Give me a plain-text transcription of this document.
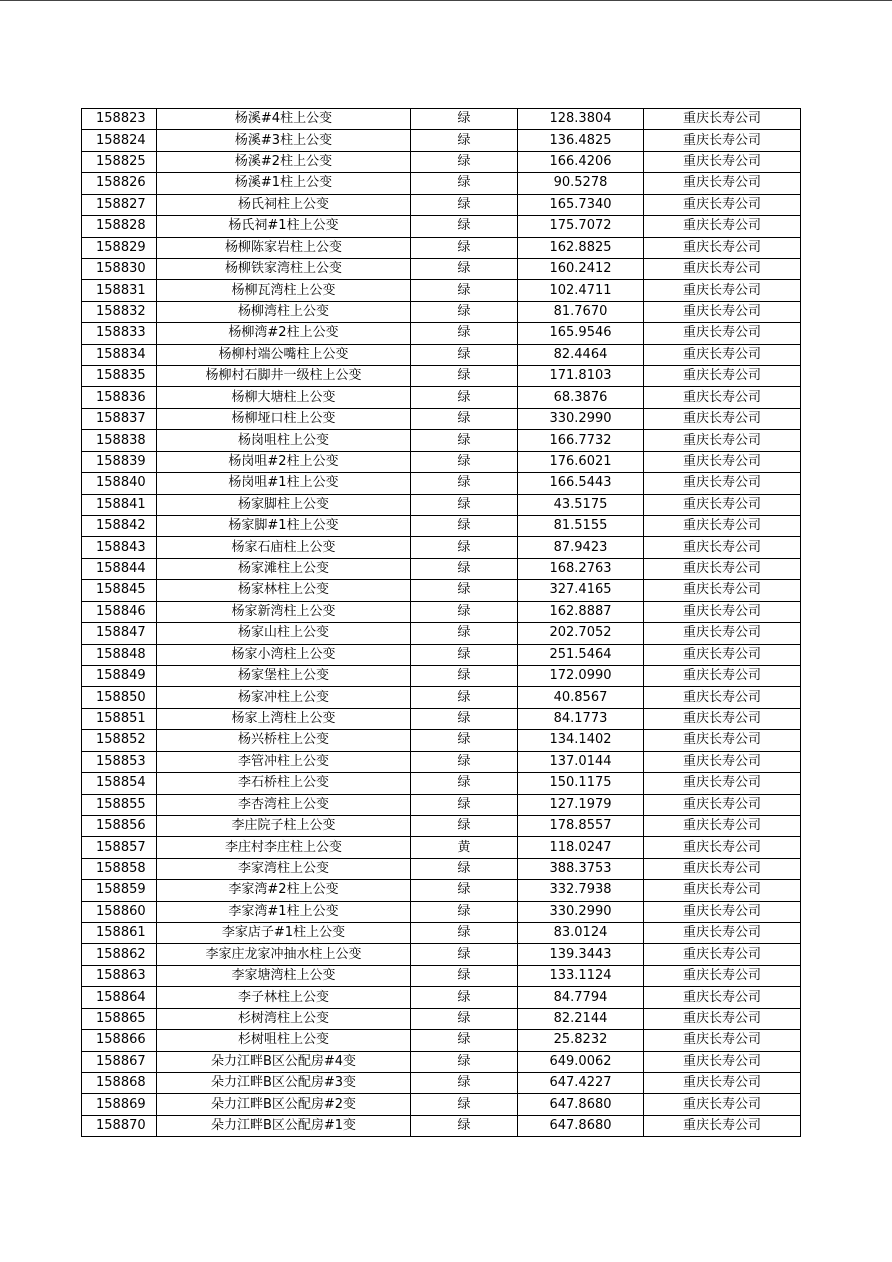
158823	杨溪#4柱上公变	绿	128.3804	重庆长寿公司
158824	杨溪#3柱上公变	绿	136.4825	重庆长寿公司
158825	杨溪#2柱上公变	绿	166.4206	重庆长寿公司
158826	杨溪#1柱上公变	绿	90.5278	重庆长寿公司
158827	杨氏祠柱上公变	绿	165.7340	重庆长寿公司
158828	杨氏祠#1柱上公变	绿	175.7072	重庆长寿公司
158829	杨柳陈家岩柱上公变	绿	162.8825	重庆长寿公司
158830	杨柳铁家湾柱上公变	绿	160.2412	重庆长寿公司
158831	杨柳瓦湾柱上公变	绿	102.4711	重庆长寿公司
158832	杨柳湾柱上公变	绿	81.7670	重庆长寿公司
158833	杨柳湾#2柱上公变	绿	165.9546	重庆长寿公司
158834	杨柳村端公嘴柱上公变	绿	82.4464	重庆长寿公司
158835	杨柳村石脚井一级柱上公变	绿	171.8103	重庆长寿公司
158836	杨柳大塘柱上公变	绿	68.3876	重庆长寿公司
158837	杨柳垭口柱上公变	绿	330.2990	重庆长寿公司
158838	杨岗咀柱上公变	绿	166.7732	重庆长寿公司
158839	杨岗咀#2柱上公变	绿	176.6021	重庆长寿公司
158840	杨岗咀#1柱上公变	绿	166.5443	重庆长寿公司
158841	杨家脚柱上公变	绿	43.5175	重庆长寿公司
158842	杨家脚#1柱上公变	绿	81.5155	重庆长寿公司
158843	杨家石庙柱上公变	绿	87.9423	重庆长寿公司
158844	杨家滩柱上公变	绿	168.2763	重庆长寿公司
158845	杨家林柱上公变	绿	327.4165	重庆长寿公司
158846	杨家新湾柱上公变	绿	162.8887	重庆长寿公司
158847	杨家山柱上公变	绿	202.7052	重庆长寿公司
158848	杨家小湾柱上公变	绿	251.5464	重庆长寿公司
158849	杨家堡柱上公变	绿	172.0990	重庆长寿公司
158850	杨家冲柱上公变	绿	40.8567	重庆长寿公司
158851	杨家上湾柱上公变	绿	84.1773	重庆长寿公司
158852	杨兴桥柱上公变	绿	134.1402	重庆长寿公司
158853	李管冲柱上公变	绿	137.0144	重庆长寿公司
158854	李石桥柱上公变	绿	150.1175	重庆长寿公司
158855	李杏湾柱上公变	绿	127.1979	重庆长寿公司
158856	李庄院子柱上公变	绿	178.8557	重庆长寿公司
158857	李庄村李庄柱上公变	黄	118.0247	重庆长寿公司
158858	李家湾柱上公变	绿	388.3753	重庆长寿公司
158859	李家湾#2柱上公变	绿	332.7938	重庆长寿公司
158860	李家湾#1柱上公变	绿	330.2990	重庆长寿公司
158861	李家店子#1柱上公变	绿	83.0124	重庆长寿公司
158862	李家庄龙家冲抽水柱上公变	绿	139.3443	重庆长寿公司
158863	李家塘湾柱上公变	绿	133.1124	重庆长寿公司
158864	李子林柱上公变	绿	84.7794	重庆长寿公司
158865	杉树湾柱上公变	绿	82.2144	重庆长寿公司
158866	杉树咀柱上公变	绿	25.8232	重庆长寿公司
158867	朵力江畔B区公配房#4变	绿	649.0062	重庆长寿公司
158868	朵力江畔B区公配房#3变	绿	647.4227	重庆长寿公司
158869	朵力江畔B区公配房#2变	绿	647.8680	重庆长寿公司
158870	朵力江畔B区公配房#1变	绿	647.8680	重庆长寿公司
